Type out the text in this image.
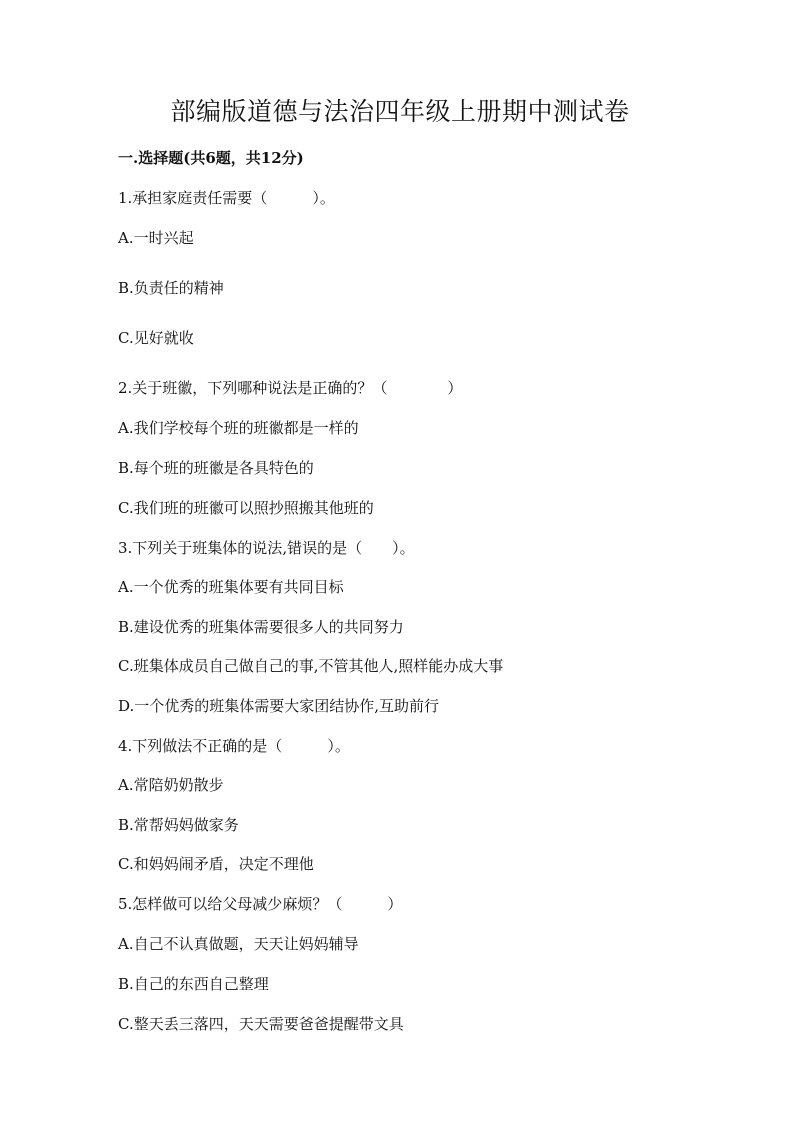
部编版道德与法治四年级上册期中测试卷
一.选择题(共6题，共12分)
1.承担家庭责任需要（　　　）。
A.一时兴起
B.负责任的精神
C.见好就收
2.关于班徽，下列哪种说法是正确的？（　　　　）
A.我们学校每个班的班徽都是一样的
B.每个班的班徽是各具特色的
C.我们班的班徽可以照抄照搬其他班的
3.下列关于班集体的说法,错误的是（　　）。
A.一个优秀的班集体要有共同目标
B.建设优秀的班集体需要很多人的共同努力
C.班集体成员自己做自己的事,不管其他人,照样能办成大事
D.一个优秀的班集体需要大家团结协作,互助前行
4.下列做法不正确的是（　　　）。
A.常陪奶奶散步
B.常帮妈妈做家务
C.和妈妈闹矛盾，决定不理他
5.怎样做可以给父母减少麻烦？（　　　）
A.自己不认真做题，天天让妈妈辅导
B.自己的东西自己整理
C.整天丢三落四，天天需要爸爸提醒带文具
